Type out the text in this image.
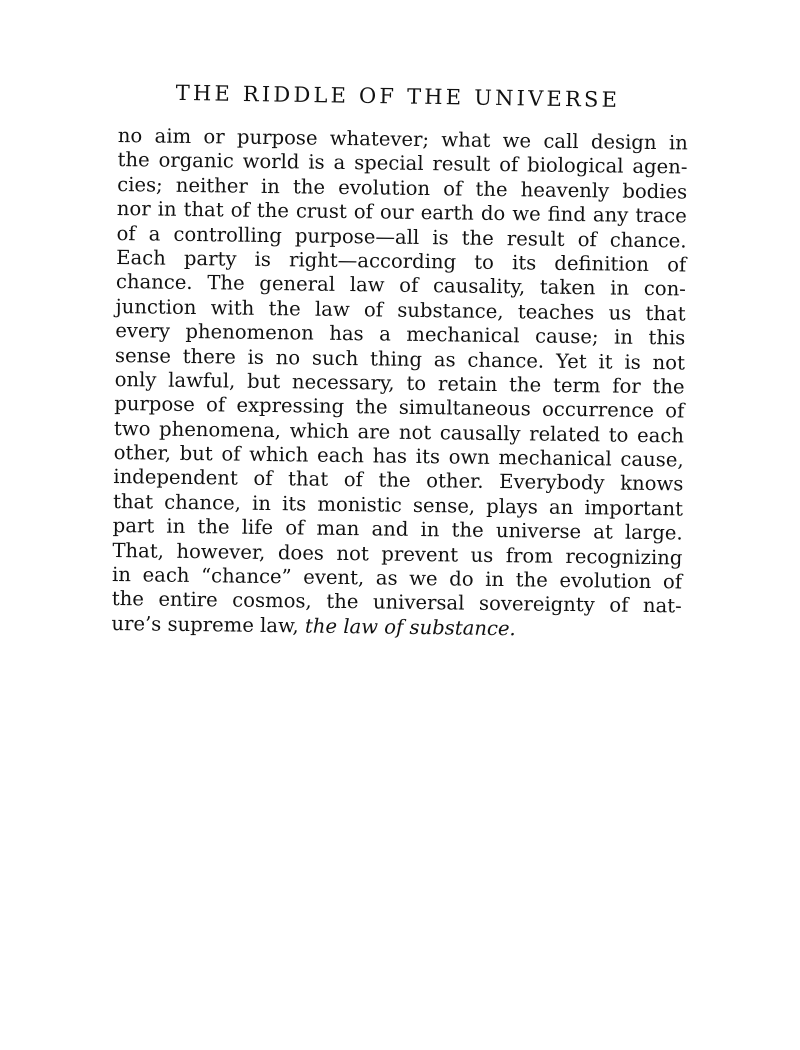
THE RIDDLE OF THE UNIVERSE
no aim or purpose whatever; what we call design in
the organic world is a special result of biological agen-
cies; neither in the evolution of the heavenly bodies
nor in that of the crust of our earth do we find any trace
of a controlling purpose—all is the result of chance.
Each party is right—according to its definition of
chance. The general law of causality, taken in con-
junction with the law of substance, teaches us that
every phenomenon has a mechanical cause; in this
sense there is no such thing as chance. Yet it is not
only lawful, but necessary, to retain the term for the
purpose of expressing the simultaneous occurrence of
two phenomena, which are not causally related to each
other, but of which each has its own mechanical cause,
independent of that of the other. Everybody knows
that chance, in its monistic sense, plays an important
part in the life of man and in the universe at large.
That, however, does not prevent us from recognizing
in each “chance” event, as we do in the evolution of
the entire cosmos, the universal sovereignty of nat-
ure’s supreme law, the law of substance.
